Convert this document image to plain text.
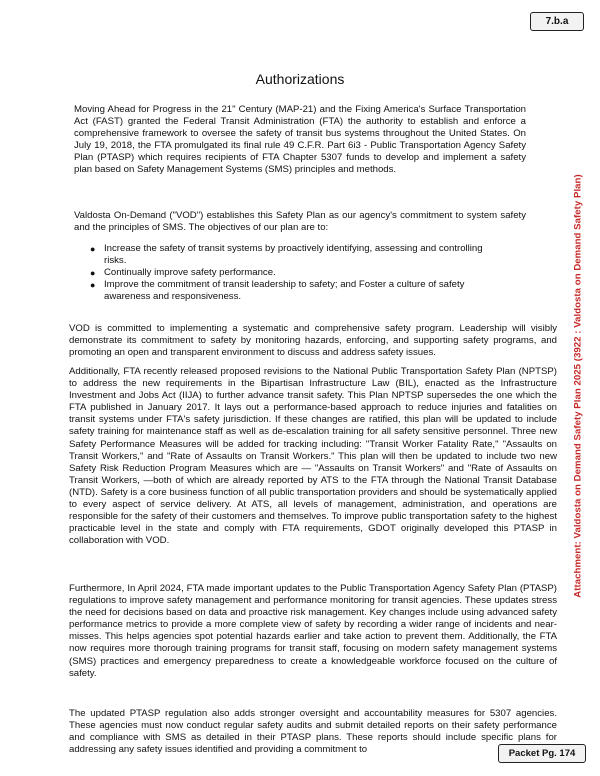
7.b.a
Attachment: Valdosta on Demand Safety Plan 2025 (3922 : Valdosta on Demand Safety Plan)
Authorizations

Moving Ahead for Progress in the 21" Century (MAP-21) and the Fixing America's Surface Transportation Act (FAST) granted the Federal Transit Administration (FTA) the authority to establish and enforce a comprehensive framework to oversee the safety of transit bus systems throughout the United States. On July 19, 2018, the FTA promulgated its final rule 49 C.F.R. Part 6i3 - Public Transportation Agency Safety Plan (PTASP) which requires recipients of FTA Chapter 5307 funds to develop and implement a safety plan based on Safety Management Systems (SMS) principles and methods.

Valdosta On-Demand ("VOD") establishes this Safety Plan as our agency's commitment to system safety and the principles of SMS. The objectives of our plan are to:

● Increase the safety of transit systems by proactively identifying, assessing and controlling risks.
● Continually improve safety performance.
● Improve the commitment of transit leadership to safety; and Foster a culture of safety awareness and responsiveness.

VOD is committed to implementing a systematic and comprehensive safety program. Leadership will visibly demonstrate its commitment to safety by monitoring hazards, enforcing, and supporting safety programs, and promoting an open and transparent environment to discuss and address safety issues.

Additionally, FTA recently released proposed revisions to the National Public Transportation Safety Plan (NPTSP) to address the new requirements in the Bipartisan Infrastructure Law (BIL), enacted as the Infrastructure Investment and Jobs Act (IIJA) to further advance transit safety. This Plan NPTSP supersedes the one which the FTA published in January 2017. It lays out a performance-based approach to reduce injuries and fatalities on transit systems under FTA's safety jurisdiction. If these changes are ratified, this plan will be updated to include safety training for maintenance staff as well as de-escalation training for all safety sensitive personnel. Three new Safety Performance Measures will be added for tracking including: "Transit Worker Fatality Rate," "Assaults on Transit Workers," and "Rate of Assaults on Transit Workers." This plan will then be updated to include two new Safety Risk Reduction Program Measures which are — "Assaults on Transit Workers" and "Rate of Assaults on Transit Workers, —both of which are already reported by ATS to the FTA through the National Transit Database (NTD). Safety is a core business function of all public transportation providers and should be systematically applied to every aspect of service delivery. At ATS, all levels of management, administration, and operations are responsible for the safety of their customers and themselves. To improve public transportation safety to the highest practicable level in the state and comply with FTA requirements, GDOT originally developed this PTASP in collaboration with VOD.

Furthermore, In April 2024, FTA made important updates to the Public Transportation Agency Safety Plan (PTASP) regulations to improve safety management and performance monitoring for transit agencies. These updates stress the need for decisions based on data and proactive risk management. Key changes include using advanced safety performance metrics to provide a more complete view of safety by recording a wider range of incidents and near-misses. This helps agencies spot potential hazards earlier and take action to prevent them. Additionally, the FTA now requires more thorough training programs for transit staff, focusing on modern safety management systems (SMS) practices and emergency preparedness to create a knowledgeable workforce focused on the culture of safety.

The updated PTASP regulation also adds stronger oversight and accountability measures for 5307 agencies. These agencies must now conduct regular safety audits and submit detailed reports on their safety performance and compliance with SMS as detailed in their PTASP plans. These reports should include specific plans for addressing any safety issues identified and providing a commitment to	Packet Pg. 174
